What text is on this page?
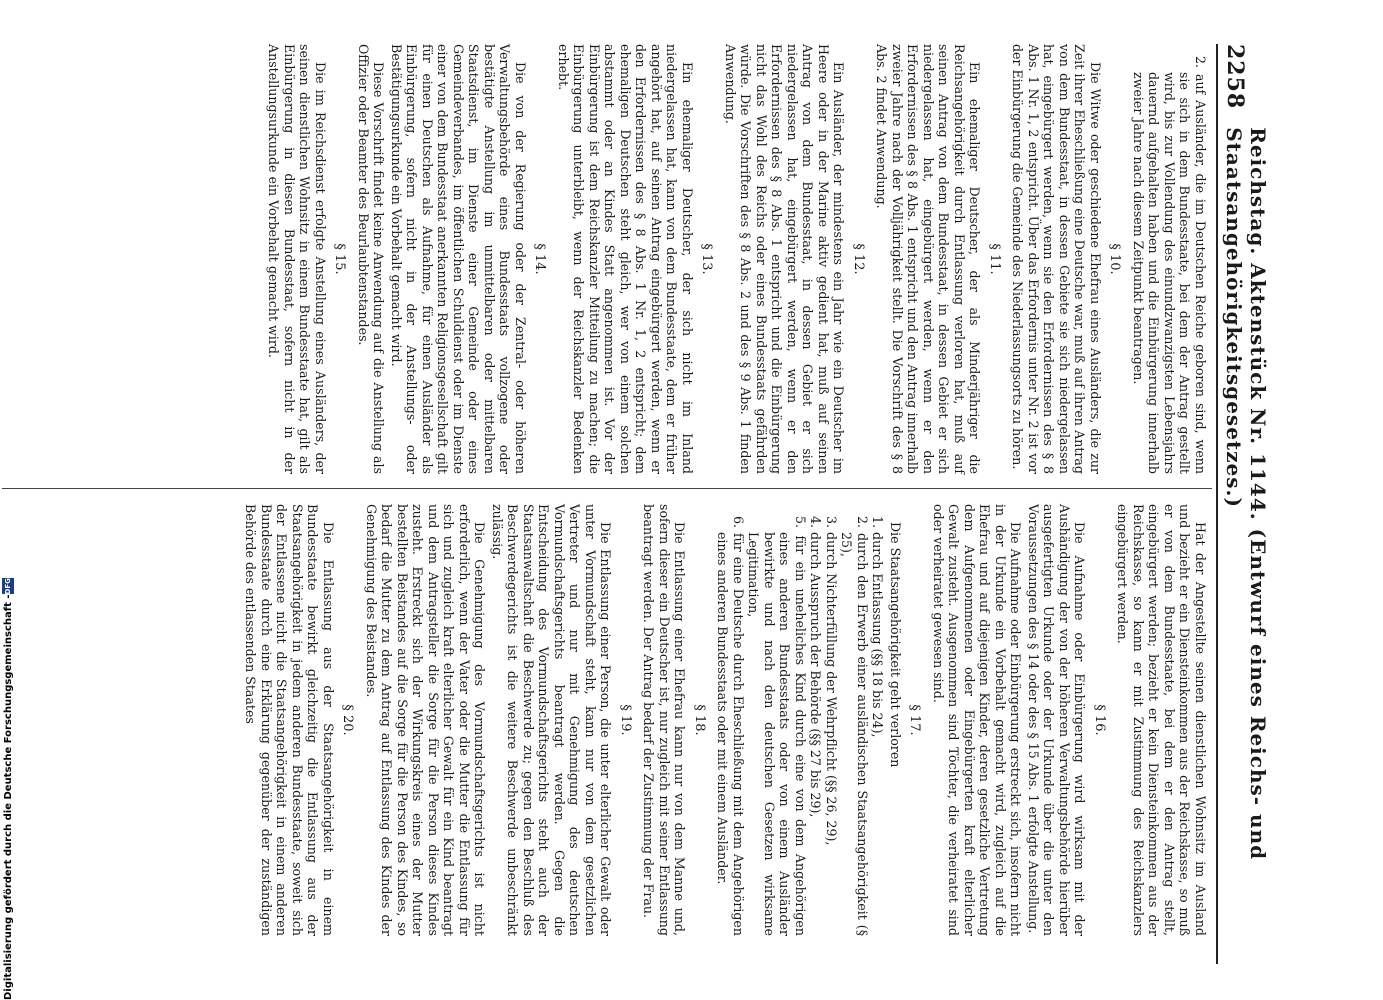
2258
Reichstag. Aktenstück Nr. 1144. (Entwurf eines Reichs- und Staatsangehörigkeitsgesetzes.)

2. auf Ausländer, die im Deutschen Reiche geboren sind, wenn sie sich in dem Bundesstaate, bei dem der Antrag gestellt wird, bis zur Vollendung des einundzwanzigsten Lebensjahrs dauernd aufgehalten haben und die Einbürgerung innerhalb zweier Jahre nach diesem Zeitpunkt beantragen.

§ 10.

Die Witwe oder geschiedene Ehefrau eines Ausländers, die zur Zeit ihrer Eheschließung eine Deutsche war, muß auf ihren Antrag von dem Bundesstaat, in dessen Gebiete sie sich niedergelassen hat, eingebürgert werden, wenn sie den Erfordernissen des § 8 Abs. 1 Nr. 1, 2 entspricht. Über das Erfordernis unter Nr. 2 ist vor der Einbürgerung die Gemeinde des Niederlassungsorts zu hören.

§ 11.

Ein ehemaliger Deutscher, der als Minderjähriger die Reichsangehörigkeit durch Entlassung verloren hat, muß auf seinen Antrag von dem Bundesstaat, in dessen Gebiet er sich niedergelassen hat, eingebürgert werden, wenn er den Erfordernissen des § 8 Abs. 1 entspricht und den Antrag innerhalb zweier Jahre nach der Volljährigkeit stellt. Die Vorschrift des § 8 Abs. 2 findet Anwendung.

§ 12.

Ein Ausländer, der mindestens ein Jahr wie ein Deutscher im Heere oder in der Marine aktiv gedient hat, muß auf seinen Antrag von dem Bundesstaat, in dessen Gebiet er sich niedergelassen hat, eingebürgert werden, wenn er den Erfordernissen des § 8 Abs. 1 entspricht und die Einbürgerung nicht das Wohl des Reichs oder eines Bundesstaats gefährden würde. Die Vorschriften des § 8 Abs. 2 und des § 9 Abs. 1 finden Anwendung.

§ 13.

Ein ehemaliger Deutscher, der sich nicht im Inland niedergelassen hat, kann von dem Bundesstaate, dem er früher angehört hat, auf seinen Antrag eingebürgert werden, wenn er den Erfordernissen des § 8 Abs. 1 Nr. 1, 2 entspricht; dem ehemaligen Deutschen steht gleich, wer von einem solchen abstammt oder an Kindes Statt angenommen ist. Vor der Einbürgerung ist dem Reichskanzler Mitteilung zu machen; die Einbürgerung unterbleibt, wenn der Reichskanzler Bedenken erhebt.

§ 14.

Die von der Regierung oder der Zentral- oder höheren Verwaltungsbehörde eines Bundesstaats vollzogene oder bestätigte Anstellung im unmittelbaren oder mittelbaren Staatsdienst, im Dienste einer Gemeinde oder eines Gemeindeverbandes, im öffentlichen Schuldienst oder im Dienste einer von dem Bundesstaat anerkannten Religionsgesellschaft gilt für einen Deutschen als Aufnahme, für einen Ausländer als Einbürgerung, sofern nicht in der Anstellungs- oder Bestätigungsurkunde ein Vorbehalt gemacht wird.

Diese Vorschrift findet keine Anwendung auf die Anstellung als Offizier oder Beamter des Beurlaubtenstandes.

§ 15.

Die im Reichsdienst erfolgte Anstellung eines Ausländers, der seinen dienstlichen Wohnsitz in einem Bundesstaate hat, gilt als Einbürgerung in diesen Bundesstaat, sofern nicht in der Anstellungsurkunde ein Vorbehalt gemacht wird.

Hat der Angestellte seinen dienstlichen Wohnsitz im Ausland und bezieht er ein Diensteinkommen aus der Reichskasse, so muß er von dem Bundesstaate, bei dem er den Antrag stellt, eingebürgert werden; bezieht er kein Diensteinkommen aus der Reichskasse, so kann er mit Zustimmung des Reichskanzlers eingebürgert werden.

§ 16.

Die Aufnahme oder Einbürgerung wird wirksam mit der Aushändigung der von der höheren Verwaltungsbehörde hierüber ausgefertigten Urkunde oder der Urkunde über die unter den Voraussetzungen des § 14 oder des § 15 Abs. 1 erfolgte Anstellung.

Die Aufnahme oder Einbürgerung erstreckt sich, insofern nicht in der Urkunde ein Vorbehalt gemacht wird, zugleich auf die Ehefrau und auf diejenigen Kinder, deren gesetzliche Vertretung dem Aufgenommenen oder Eingebürgerten kraft elterlicher Gewalt zusteht. Ausgenommen sind Töchter, die verheiratet sind oder verheiratet gewesen sind.

§ 17.

Die Staatsangehörigkeit geht verloren

1. durch Entlassung (§§ 18 bis 24),

2. durch den Erwerb einer ausländischen Staatsangehörigkeit (§ 25),

3. durch Nichterfüllung der Wehrpflicht (§§ 26, 29),

4. durch Ausspruch der Behörde (§§ 27 bis 29),

5. für ein uneheliches Kind durch eine von dem Angehörigen eines anderen Bundesstaats oder von einem Ausländer bewirkte und nach den deutschen Gesetzen wirksame Legitimation,

6. für eine Deutsche durch Eheschließung mit dem Angehörigen eines anderen Bundesstaats oder mit einem Ausländer.

§ 18.

Die Entlassung einer Ehefrau kann nur von dem Manne und, sofern dieser ein Deutscher ist, nur zugleich mit seiner Entlassung beantragt werden. Der Antrag bedarf der Zustimmung der Frau.

§ 19.

Die Entlassung einer Person, die unter elterlicher Gewalt oder unter Vormundschaft steht, kann nur von dem gesetzlichen Vertreter und nur mit Genehmigung des deutschen Vormundschaftsgerichts beantragt werden. Gegen die Entscheidung des Vormundschaftsgerichts steht auch der Staatsanwaltschaft die Beschwerde zu; gegen den Beschluß des Beschwerdegerichts ist die weitere Beschwerde unbeschränkt zulässig.

Die Genehmigung des Vormundschaftsgerichts ist nicht erforderlich, wenn der Vater oder die Mutter die Entlassung für sich und zugleich kraft elterlicher Gewalt für ein Kind beantragt und dem Antragsteller die Sorge für die Person dieses Kindes zusteht. Erstreckt sich der Wirkungskreis eines der Mutter bestellten Beistandes auf die Sorge für die Person des Kindes, so bedarf die Mutter zu dem Antrag auf Entlassung des Kindes der Genehmigung des Beistandes.

§ 20.

Die Entlassung aus der Staatsangehörigkeit in einem Bundesstaate bewirkt gleichzeitig die Entlassung aus der Staatsangehörigkeit in jedem anderen Bundesstaate, soweit sich der Entlassene nicht die Staatsangehörigkeit in einem anderen Bundesstaate durch eine Erklärung gegenüber der zuständigen Behörde des entlassenden Staates

Digitalisierung gefördert durch die Deutsche Forschungsgemeinschaft -
DFG
